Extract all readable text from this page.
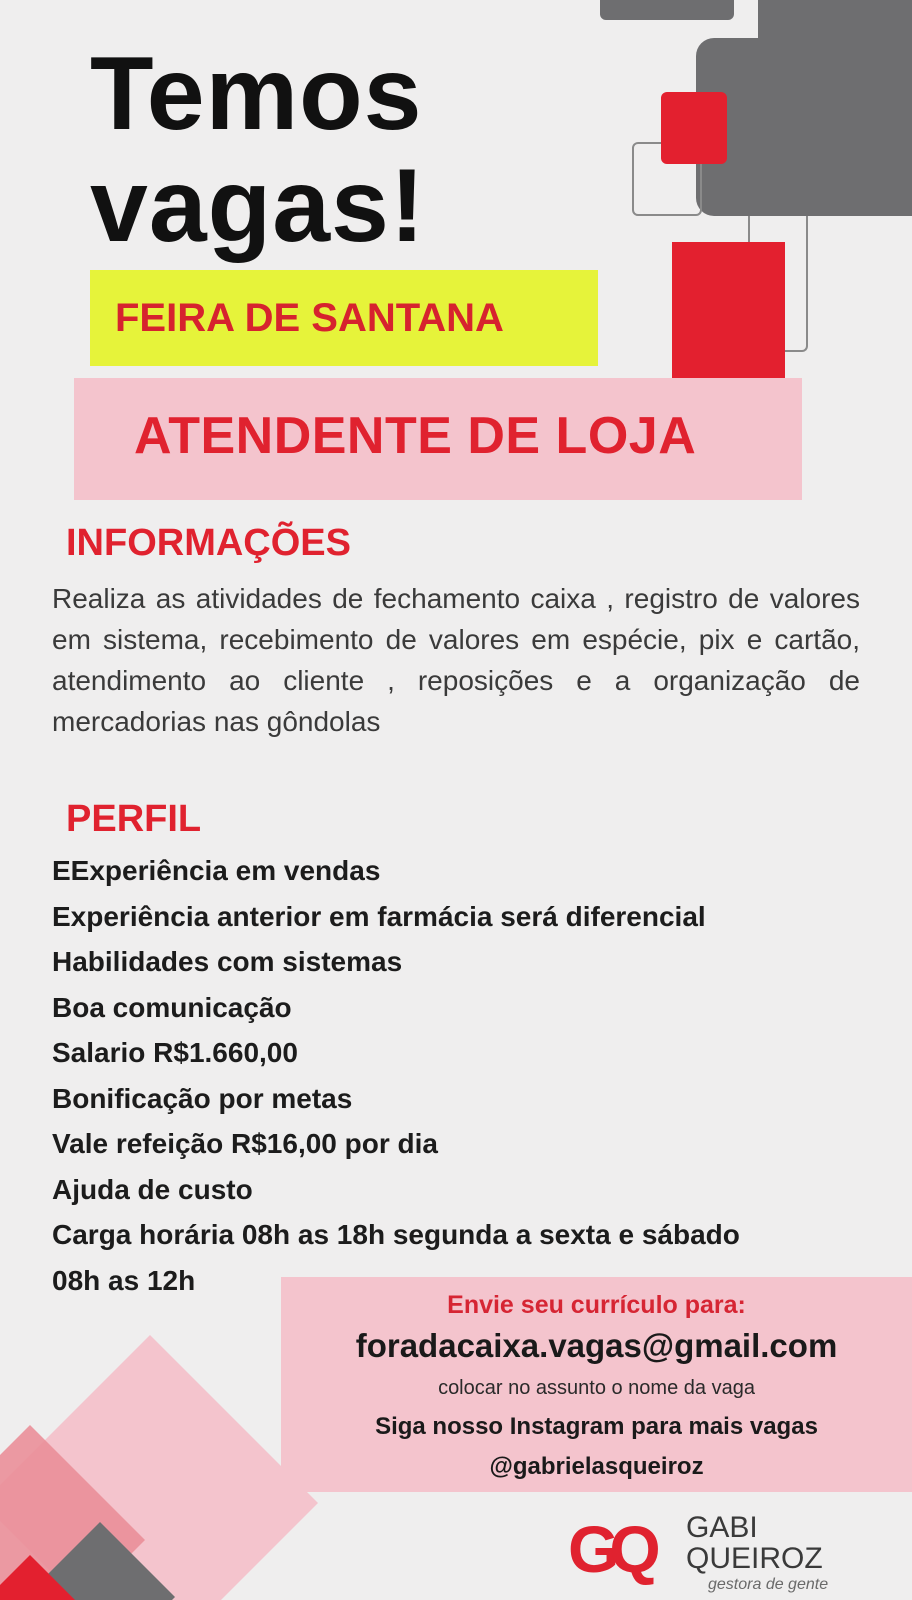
Temos
vagas!
FEIRA DE SANTANA
ATENDENTE DE LOJA
INFORMAÇÕES

Realiza as atividades de fechamento caixa , registro de valores em sistema, recebimento de valores em espécie, pix e cartão, atendimento ao cliente , reposições e a organização de mercadorias nas gôndolas

PERFIL
EExperiência em vendas
Experiência anterior em farmácia será diferencial
Habilidades com sistemas
Boa comunicação
Salario R$1.660,00
Bonificação por metas
Vale refeição R$16,00 por dia
Ajuda de custo
Carga horária 08h as 18h segunda a sexta e sábado
08h as 12h
Envie seu currículo para:
foradacaixa.vagas@gmail.com
colocar no assunto o nome da vaga
Siga nosso Instagram para mais vagas
@gabrielasqueiroz
GQ GABI
QUEIROZ
gestora de gente
